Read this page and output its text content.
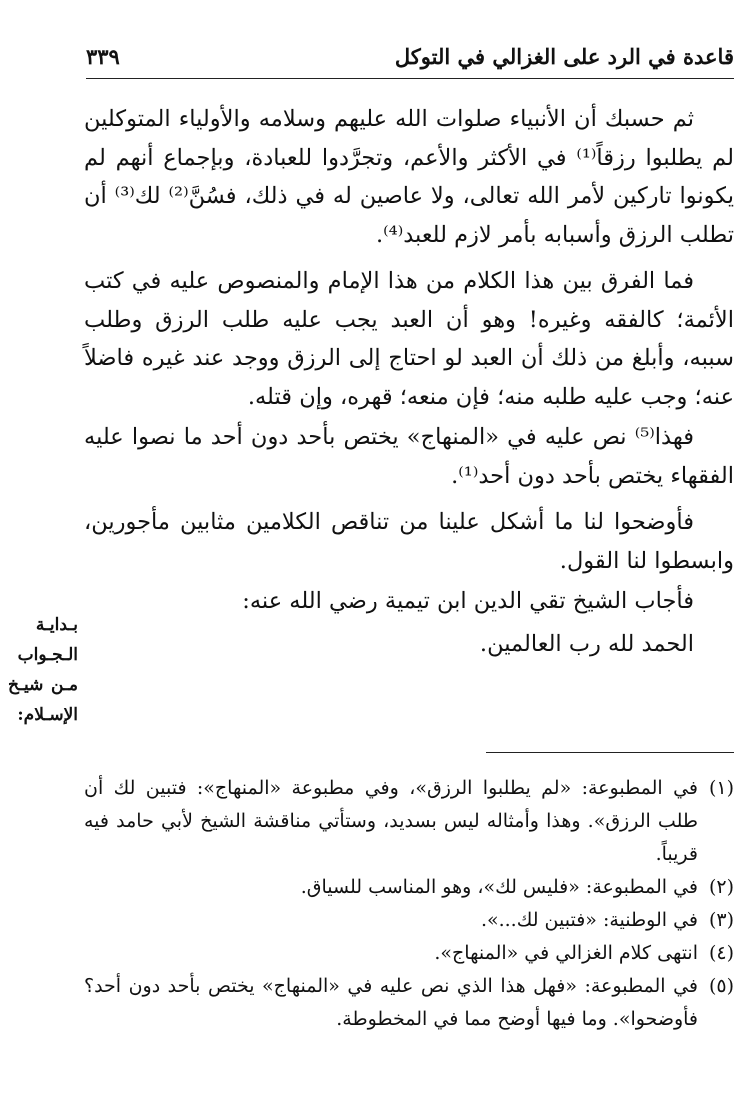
قاعدة في الرد على الغزالي في التوكل
٣٣٩

ثم حسبك أن الأنبياء صلوات الله عليهم وسلامه والأولياء المتوكلين لم يطلبوا رزقاً⁽¹⁾ في الأكثر والأعم، وتجرَّدوا للعبادة، وبإجماع أنهم لم يكونوا تاركين لأمر الله تعالى، ولا عاصين له في ذلك، فسُنَّ⁽²⁾ لك⁽³⁾ أن تطلب الرزق وأسبابه بأمر لازم للعبد⁽⁴⁾.

فما الفرق بين هذا الكلام من هذا الإمام والمنصوص عليه في كتب الأئمة؛ كالفقه وغيره! وهو أن العبد يجب عليه طلب الرزق وطلب سببه، وأبلغ من ذلك أن العبد لو احتاج إلى الرزق ووجد عند غيره فاضلاً عنه؛ وجب عليه طلبه منه؛ فإن منعه؛ قهره، وإن قتله.

فهذا⁽⁵⁾ نص عليه في «المنهاج» يختص بأحد دون أحد ما نصوا عليه الفقهاء يختص بأحد دون أحد⁽¹⁾.

فأوضحوا لنا ما أشكل علينا من تناقص الكلامين مثابين مأجورين، وابسطوا لنا القول.

فأجاب الشيخ تقي الدين ابن تيمية رضي الله عنه:

الحمد لله رب العالمين.

بـدايـة
الـجـواب
مـن شيـخ
الإسـلام:
(١)
في المطبوعة: «لم يطلبوا الرزق»، وفي مطبوعة «المنهاج»: فتبين لك أن طلب الرزق». وهذا وأمثاله ليس بسديد، وستأتي مناقشة الشيخ لأبي حامد فيه قريباً.
(٢)
في المطبوعة: «فليس لك»، وهو المناسب للسياق.
(٣)
في الوطنية: «فتبين لك...».
(٤)
انتهى كلام الغزالي في «المنهاج».
(٥)
في المطبوعة: «فهل هذا الذي نص عليه في «المنهاج» يختص بأحد دون أحد؟ فأوضحوا». وما فيها أوضح مما في المخطوطة.
